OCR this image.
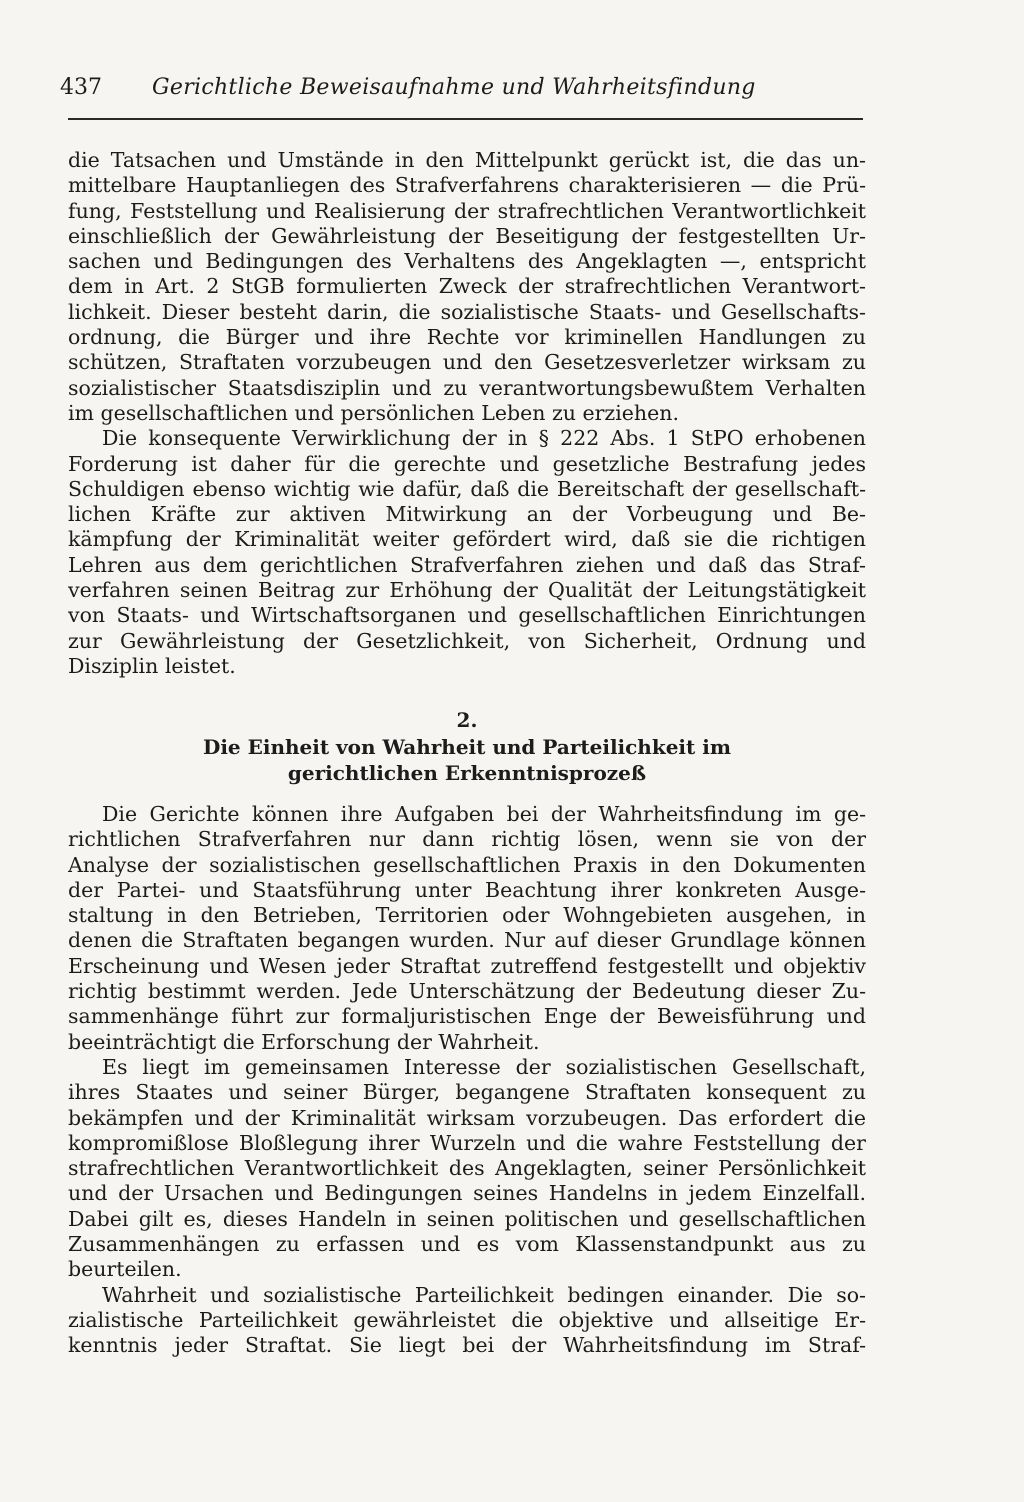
437 Gerichtliche Beweisaufnahme und Wahrheitsfindung
die Tatsachen und Umstände in den Mittelpunkt gerückt ist, die das un-
mittelbare Hauptanliegen des Strafverfahrens charakterisieren — die Prü-
fung, Feststellung und Realisierung der strafrechtlichen Verantwortlichkeit
einschließlich der Gewährleistung der Beseitigung der festgestellten Ur-
sachen und Bedingungen des Verhaltens des Angeklagten —, entspricht
dem in Art. 2 StGB formulierten Zweck der strafrechtlichen Verantwort-
lichkeit. Dieser besteht darin, die sozialistische Staats- und Gesellschafts-
ordnung, die Bürger und ihre Rechte vor kriminellen Handlungen zu
schützen, Straftaten vorzubeugen und den Gesetzesverletzer wirksam zu
sozialistischer Staatsdisziplin und zu verantwortungsbewußtem Verhalten
im gesellschaftlichen und persönlichen Leben zu erziehen.
Die konsequente Verwirklichung der in § 222 Abs. 1 StPO erhobenen
Forderung ist daher für die gerechte und gesetzliche Bestrafung jedes
Schuldigen ebenso wichtig wie dafür, daß die Bereitschaft der gesellschaft-
lichen Kräfte zur aktiven Mitwirkung an der Vorbeugung und Be-
kämpfung der Kriminalität weiter gefördert wird, daß sie die richtigen
Lehren aus dem gerichtlichen Strafverfahren ziehen und daß das Straf-
verfahren seinen Beitrag zur Erhöhung der Qualität der Leitungstätigkeit
von Staats- und Wirtschaftsorganen und gesellschaftlichen Einrichtungen
zur Gewährleistung der Gesetzlichkeit, von Sicherheit, Ordnung und
Disziplin leistet.
2.
Die Einheit von Wahrheit und Parteilichkeit im
gerichtlichen Erkenntnisprozeß
Die Gerichte können ihre Aufgaben bei der Wahrheitsfindung im ge-
richtlichen Strafverfahren nur dann richtig lösen, wenn sie von der
Analyse der sozialistischen gesellschaftlichen Praxis in den Dokumenten
der Partei- und Staatsführung unter Beachtung ihrer konkreten Ausge-
staltung in den Betrieben, Territorien oder Wohngebieten ausgehen, in
denen die Straftaten begangen wurden. Nur auf dieser Grundlage können
Erscheinung und Wesen jeder Straftat zutreffend festgestellt und objektiv
richtig bestimmt werden. Jede Unterschätzung der Bedeutung dieser Zu-
sammenhänge führt zur formaljuristischen Enge der Beweisführung und
beeinträchtigt die Erforschung der Wahrheit.
Es liegt im gemeinsamen Interesse der sozialistischen Gesellschaft,
ihres Staates und seiner Bürger, begangene Straftaten konsequent zu
bekämpfen und der Kriminalität wirksam vorzubeugen. Das erfordert die
kompromißlose Bloßlegung ihrer Wurzeln und die wahre Feststellung der
strafrechtlichen Verantwortlichkeit des Angeklagten, seiner Persönlichkeit
und der Ursachen und Bedingungen seines Handelns in jedem Einzelfall.
Dabei gilt es, dieses Handeln in seinen politischen und gesellschaftlichen
Zusammenhängen zu erfassen und es vom Klassenstandpunkt aus zu
beurteilen.
Wahrheit und sozialistische Parteilichkeit bedingen einander. Die so-
zialistische Parteilichkeit gewährleistet die objektive und allseitige Er-
kenntnis jeder Straftat. Sie liegt bei der Wahrheitsfindung im Straf-
